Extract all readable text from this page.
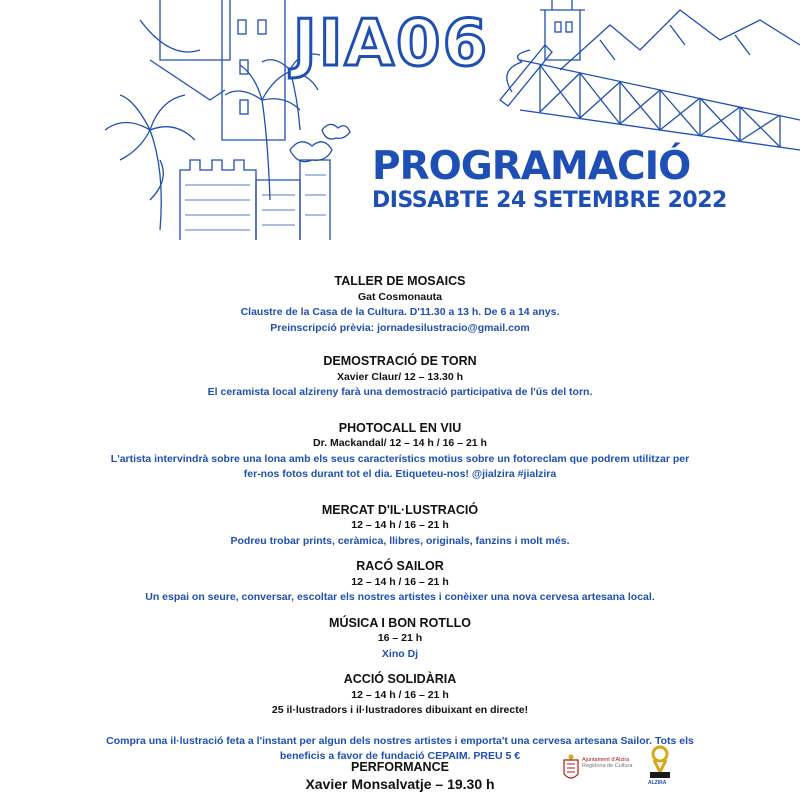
JIA06
PROGRAMACIÓ
DISSABTE 24 SETEMBRE 2022
TALLER DE MOSAICS
Gat Cosmonauta
Claustre de la Casa de la Cultura. D'11.30 a 13 h. De 6 a 14 anys.
Preinscripció prèvia: jornadesilustracio@gmail.com
DEMOSTRACIÓ DE TORN
Xavier Claur/ 12 – 13.30 h
El ceramista local alzireny farà una demostració participativa de l'ús del torn.
PHOTOCALL EN VIU
Dr. Mackandal/ 12 – 14 h / 16 – 21 h
L'artista intervindrà sobre una lona amb els seus característics motius sobre un fotoreclam que podrem utilitzar per
fer-nos fotos durant tot el dia. Etiqueteu-nos! @jialzira #jialzira
MERCAT D'IL·LUSTRACIÓ
12 – 14 h / 16 – 21 h
Podreu trobar prints, ceràmica, llibres, originals, fanzins i molt més.
RACÓ SAILOR
12 – 14 h / 16 – 21 h
Un espai on seure, conversar, escoltar els nostres artistes i conèixer una nova cervesa artesana local.
MÚSICA I BON ROTLLO
16 – 21 h
Xino Dj
ACCIÓ SOLIDÀRIA
12 – 14 h / 16 – 21 h
25 il·lustradors i il·lustradores dibuixant en directe!
Compra una il·lustració feta a l'instant per algun dels nostres artistes i emporta't una cervesa artesana Sailor. Tots els
beneficis a favor de fundació CEPAIM. PREU 5 €
PERFORMANCE
Xavier Monsalvatje – 19.30 h
Ajuntament d'Alzira
Regidoria de Cultura
ALZIRA
